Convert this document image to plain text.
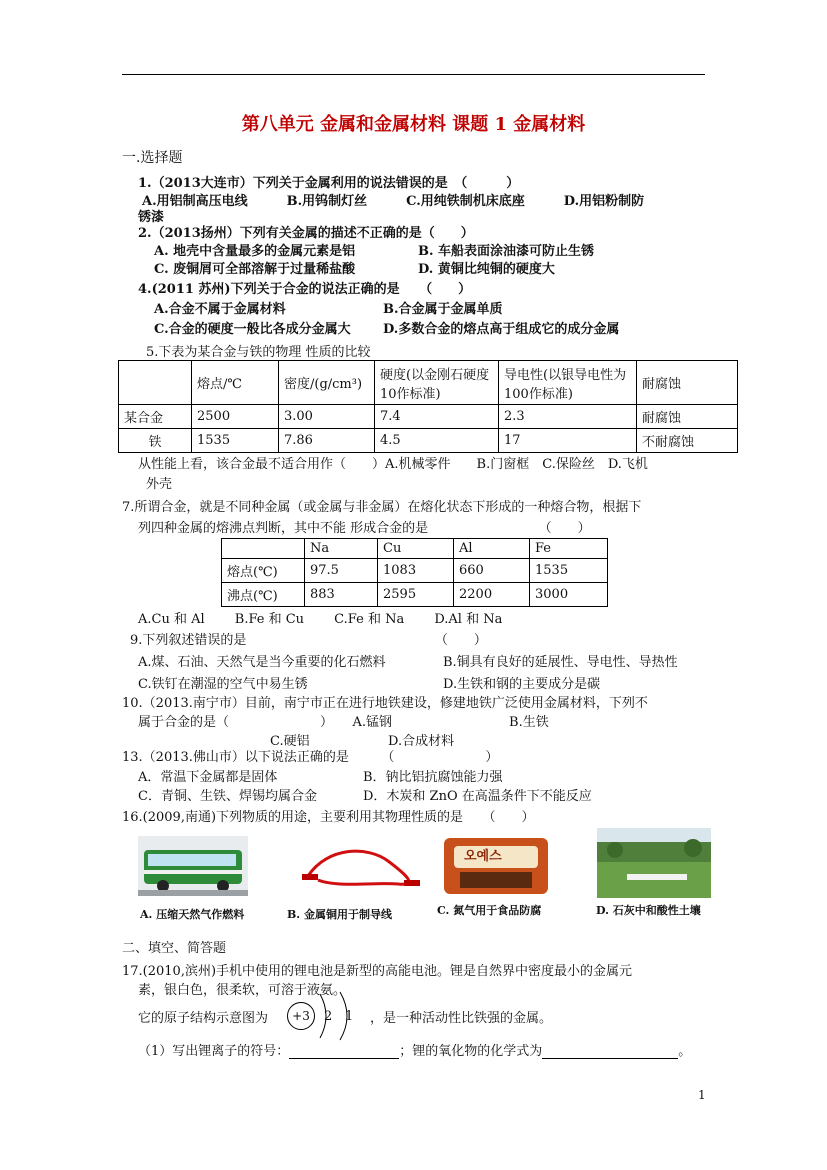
第八单元 金属和金属材料 课题 1 金属材料
一.选择题
1.（2013大连市）下列关于金属利用的说法错误的是　（　　　）
A.用铝制高压电线　　　B.用钨制灯丝　　　C.用纯铁制机床底座　　　D.用铝粉制防
锈漆
2.（2013扬州）下列有关金属的描述不正确的是（　　）
A. 地壳中含量最多的金属元素是铝	B. 车船表面涂油漆可防止生锈
C. 废铜屑可全部溶解于过量稀盐酸	D. 黄铜比纯铜的硬度大
4.(2011 苏州)下列关于合金的说法正确的是　　（　　）
A.合金不属于金属材料	B.合金属于金属单质
C.合金的硬度一般比各成分金属大 D.多数合金的熔点高于组成它的成分金属
5.下表为某合金与铁的物理 性质的比较
	熔点/℃	密度/(g/cm³)	硬度(以金刚石硬度10作标准)	导电性(以银导电性为100作标准)	耐腐蚀
某合金	2500	3.00	7.4	2.3	耐腐蚀
铁	1535	7.86	4.5	17	不耐腐蚀
从性能上看，该合金最不适合用作（　　）A.机械零件　　B.门窗框　C.保险丝　D.飞机
外壳
7.所谓合金，就是不同种金属（或金属与非金属）在熔化状态下形成的一种熔合物，根据下
列四种金属的熔沸点判断，其中不能 形成合金的是　　　　　　　　　（　　）
	Na	Cu	Al	Fe
熔点(℃)	97.5	1083	660	1535
沸点(℃)	883	2595	2200	3000
A.Cu 和 Al　　 B.Fe 和 Cu　　 C.Fe 和 Na　　 D.Al 和 Na
9.下列叙述错误的是　　　　　　　　　　　　　　　（　　）
A.煤、石油、天然气是当今重要的化石燃料	B.铜具有良好的延展性、导电性、导热性
C.铁钉在潮湿的空气中易生锈	D.生铁和钢的主要成分是碳
10.（2013.南宁市）目前，南宁市正在进行地铁建设，修建地铁广泛使用金属材料，下列不
属于合金的是（　　　　　　　）　　A.锰钢　　　　　　　　　B.生铁
C.硬铝	D.合成材料
13.（2013.佛山市）以下说法正确的是　　　（　　　　　　　）
A．常温下金属都是固体	B．钠比铝抗腐蚀能力强
C．青铜、生铁、焊锡均属合金	D．木炭和 ZnO 在高温条件下不能反应
16.(2009,南通)下列物质的用途，主要利用其物理性质的是　　（　　）
A. 压缩天然气作燃料	B. 金属铜用于制导线
오예스
C. 氮气用于食品防腐	D. 石灰中和酸性土壤
二、填空、简答题
17.(2010,滨州)手机中使用的锂电池是新型的高能电池。锂是自然界中密度最小的金属元
素，银白色，很柔软，可溶于液氨。
它的原子结构示意图为	+3	2 1 ，是一种活动性比铁强的金属。
（1）写出锂离子的符号：	；锂的氧化物的化学式为	。
1
